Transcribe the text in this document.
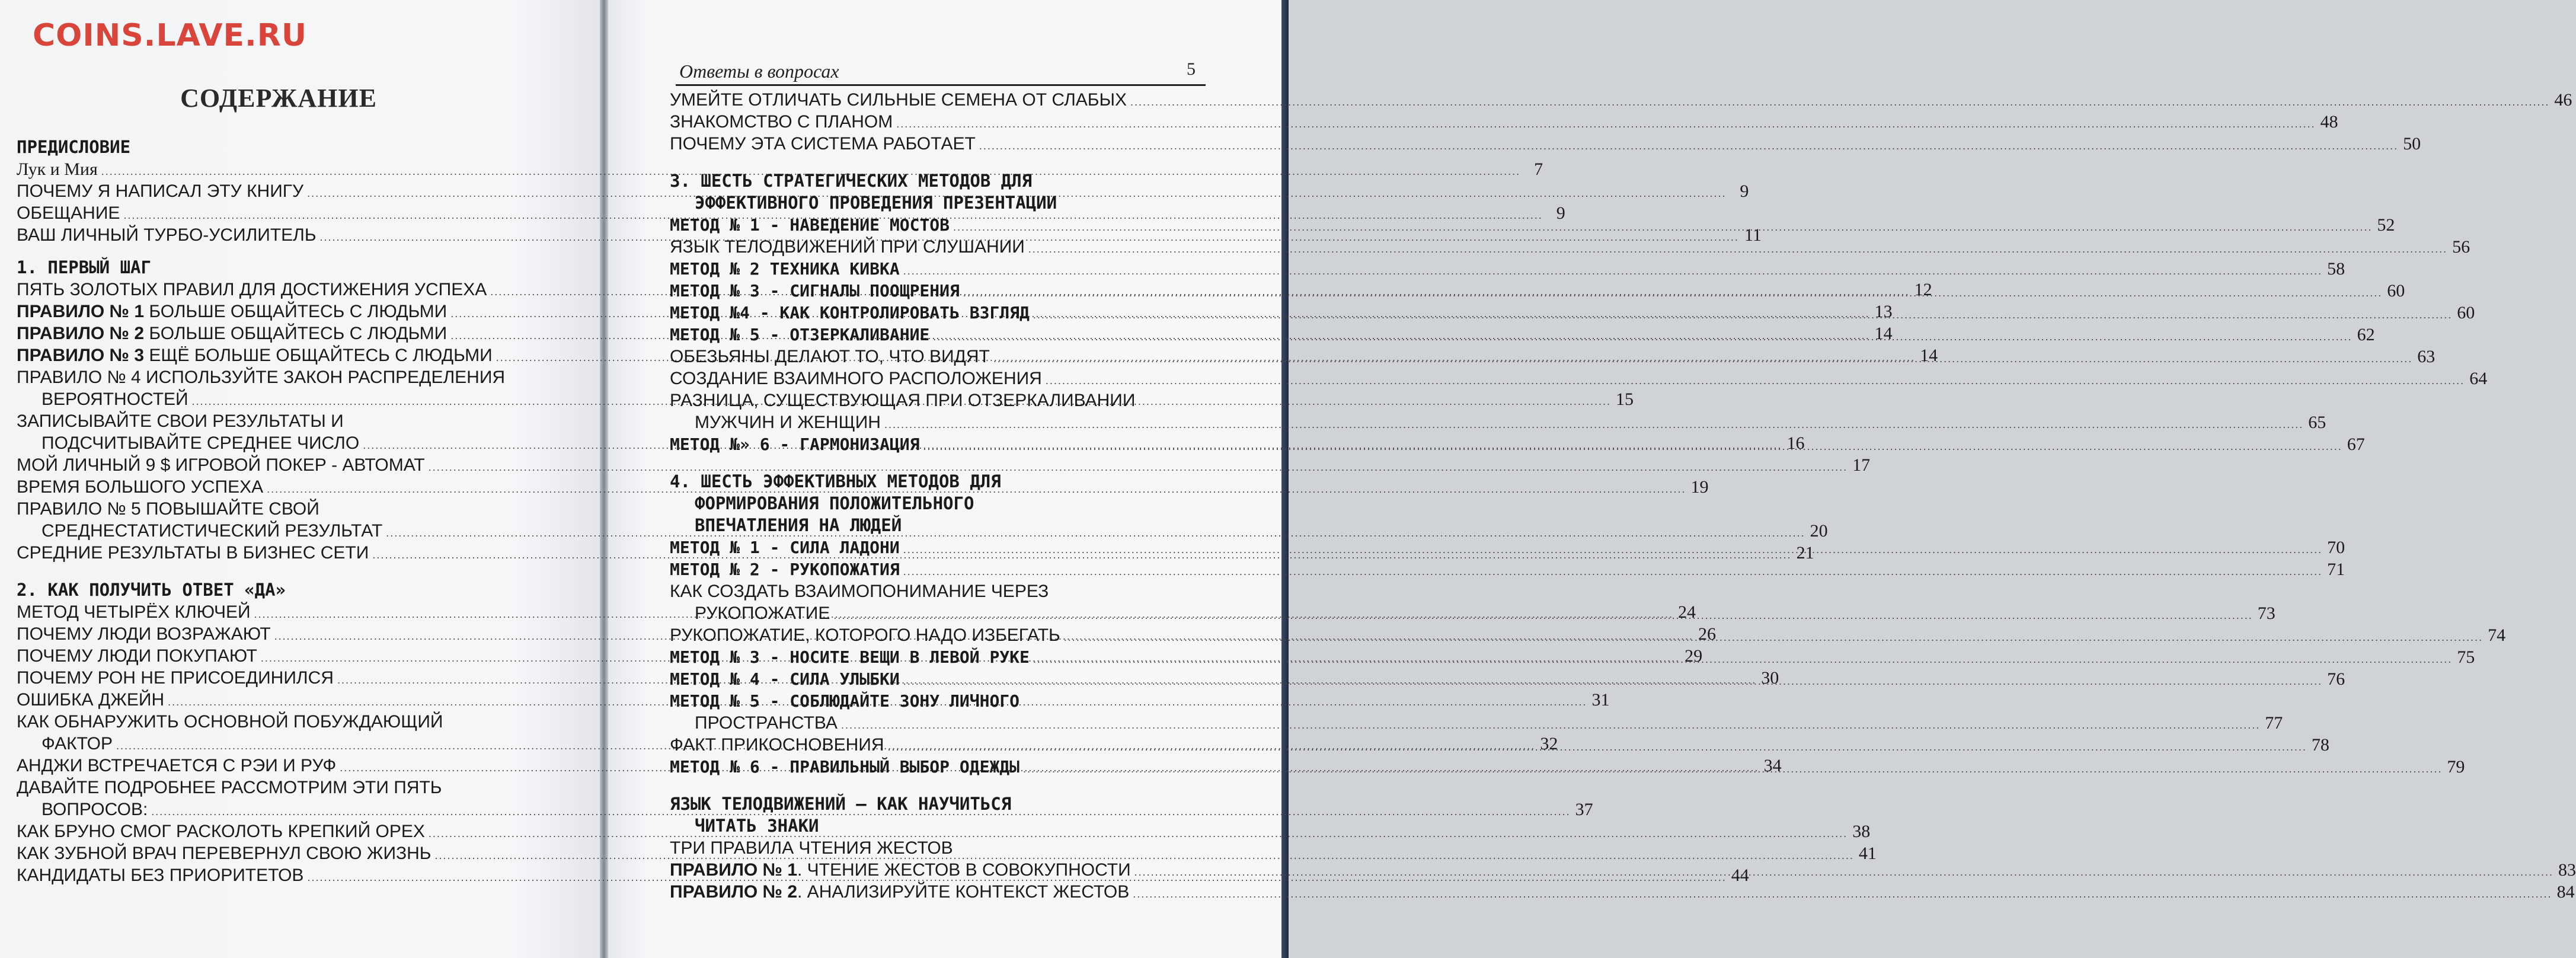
COINS.LAVE.RU
СОДЕРЖАНИЕ
ПРЕДИСЛОВИЕ
Лук и Мия .....	7
ПОЧЕМУ Я НАПИСАЛ ЭТУ КНИГУ .....	9
ОБЕЩАНИЕ .....	9
ВАШ ЛИЧНЫЙ ТУРБО-УСИЛИТЕЛЬ .....	11
1. ПЕРВЫЙ ШАГ
ПЯТЬ ЗОЛОТЫХ ПРАВИЛ ДЛЯ ДОСТИЖЕНИЯ УСПЕХА .....	12
ПРАВИЛО № 1 БОЛЬШЕ ОБЩАЙТЕСЬ С ЛЮДЬМИ .....	13
ПРАВИЛО № 2 БОЛЬШЕ ОБЩАЙТЕСЬ С ЛЮДЬМИ .....	14
ПРАВИЛО № 3 ЕЩЁ БОЛЬШЕ ОБЩАЙТЕСЬ С ЛЮДЬМИ .....	14
ПРАВИЛО № 4 ИСПОЛЬЗУЙТЕ ЗАКОН РАСПРЕДЕЛЕНИЯ
ВЕРОЯТНОСТЕЙ .....	15
ЗАПИСЫВАЙТЕ СВОИ РЕЗУЛЬТАТЫ И
ПОДСЧИТЫВАЙТЕ СРЕДНЕЕ ЧИСЛО .....	16
МОЙ ЛИЧНЫЙ 9 $ ИГРОВОЙ ПОКЕР - АВТОМАТ .....	17
ВРЕМЯ БОЛЬШОГО УСПЕХА .....	19
ПРАВИЛО № 5 ПОВЫШАЙТЕ СВОЙ
СРЕДНЕСТАТИСТИЧЕСКИЙ РЕЗУЛЬТАТ .....	20
СРЕДНИЕ РЕЗУЛЬТАТЫ В БИЗНЕС СЕТИ .....	21
2. КАК ПОЛУЧИТЬ ОТВЕТ «ДА»
МЕТОД ЧЕТЫРЁХ КЛЮЧЕЙ .....	24
ПОЧЕМУ ЛЮДИ ВОЗРАЖАЮТ .....	26
ПОЧЕМУ ЛЮДИ ПОКУПАЮТ .....	29
ПОЧЕМУ РОН НЕ ПРИСОЕДИНИЛСЯ .....	30
ОШИБКА ДЖЕЙН .....	31
КАК ОБНАРУЖИТЬ ОСНОВНОЙ ПОБУЖДАЮЩИЙ
ФАКТОР .....	32
АНДЖИ ВСТРЕЧАЕТСЯ С РЭИ И РУФ .....	34
ДАВАЙТЕ ПОДРОБНЕЕ РАССМОТРИМ ЭТИ ПЯТЬ
ВОПРОСОВ: .....	37
КАК БРУНО СМОГ РАСКОЛОТЬ КРЕПКИЙ ОРЕХ .....	38
КАК ЗУБНОЙ ВРАЧ ПЕРЕВЕРНУЛ СВОЮ ЖИЗНЬ .....	41
КАНДИДАТЫ БЕЗ ПРИОРИТЕТОВ .....	44
Ответы в вопросах	5
УМЕЙТЕ ОТЛИЧАТЬ СИЛЬНЫЕ СЕМЕНА ОТ СЛАБЫХ .....	46
ЗНАКОМСТВО С ПЛАНОМ .....	48
ПОЧЕМУ ЭТА СИСТЕМА РАБОТАЕТ .....	50
3. ШЕСТЬ СТРАТЕГИЧЕСКИХ МЕТОДОВ ДЛЯ
ЭФФЕКТИВНОГО ПРОВЕДЕНИЯ ПРЕЗЕНТАЦИИ
МЕТОД № 1 - НАВЕДЕНИЕ МОСТОВ .....	52
ЯЗЫК ТЕЛОДВИЖЕНИЙ ПРИ СЛУШАНИИ .....	56
МЕТОД № 2 ТЕХНИКА КИВКА .....	58
МЕТОД № 3 - СИГНАЛЫ ПООЩРЕНИЯ .....	60
МЕТОД №4 - КАК КОНТРОЛИРОВАТЬ ВЗГЛЯД .....	60
МЕТОД № 5 - ОТЗЕРКАЛИВАНИЕ .....	62
ОБЕЗЬЯНЫ ДЕЛАЮТ ТО, ЧТО ВИДЯТ .....	63
СОЗДАНИЕ ВЗАИМНОГО РАСПОЛОЖЕНИЯ .....	64
РАЗНИЦА, СУЩЕСТВУЮЩАЯ ПРИ ОТЗЕРКАЛИВАНИИ
МУЖЧИН И ЖЕНЩИН .....	65
МЕТОД №» 6 - ГАРМОНИЗАЦИЯ .....	67
4. ШЕСТЬ ЭФФЕКТИВНЫХ МЕТОДОВ ДЛЯ
ФОРМИРОВАНИЯ ПОЛОЖИТЕЛЬНОГО
ВПЕЧАТЛЕНИЯ НА ЛЮДЕЙ
МЕТОД № 1 - СИЛА ЛАДОНИ .....	70
МЕТОД № 2 - РУКОПОЖАТИЯ .....	71
КАК СОЗДАТЬ ВЗАИМОПОНИМАНИЕ ЧЕРЕЗ
РУКОПОЖАТИЕ .....	73
РУКОПОЖАТИЕ, КОТОРОГО НАДО ИЗБЕГАТЬ .....	74
МЕТОД № 3 - НОСИТЕ ВЕЩИ В ЛЕВОЙ РУКЕ .....	75
МЕТОД № 4 - СИЛА УЛЫБКИ .....	76
МЕТОД № 5 - СОБЛЮДАЙТЕ ЗОНУ ЛИЧНОГО
ПРОСТРАНСТВА .....	77
ФАКТ ПРИКОСНОВЕНИЯ .....	78
МЕТОД № 6 - ПРАВИЛЬНЫЙ ВЫБОР ОДЕЖДЫ .....	79
ЯЗЫК ТЕЛОДВИЖЕНИЙ – КАК НАУЧИТЬСЯ
ЧИТАТЬ ЗНАКИ
ТРИ ПРАВИЛА ЧТЕНИЯ ЖЕСТОВ
ПРАВИЛО № 1. ЧТЕНИЕ ЖЕСТОВ В СОВОКУПНОСТИ .....	83
ПРАВИЛО № 2. АНАЛИЗИРУЙТЕ КОНТЕКСТ ЖЕСТОВ .....	84
